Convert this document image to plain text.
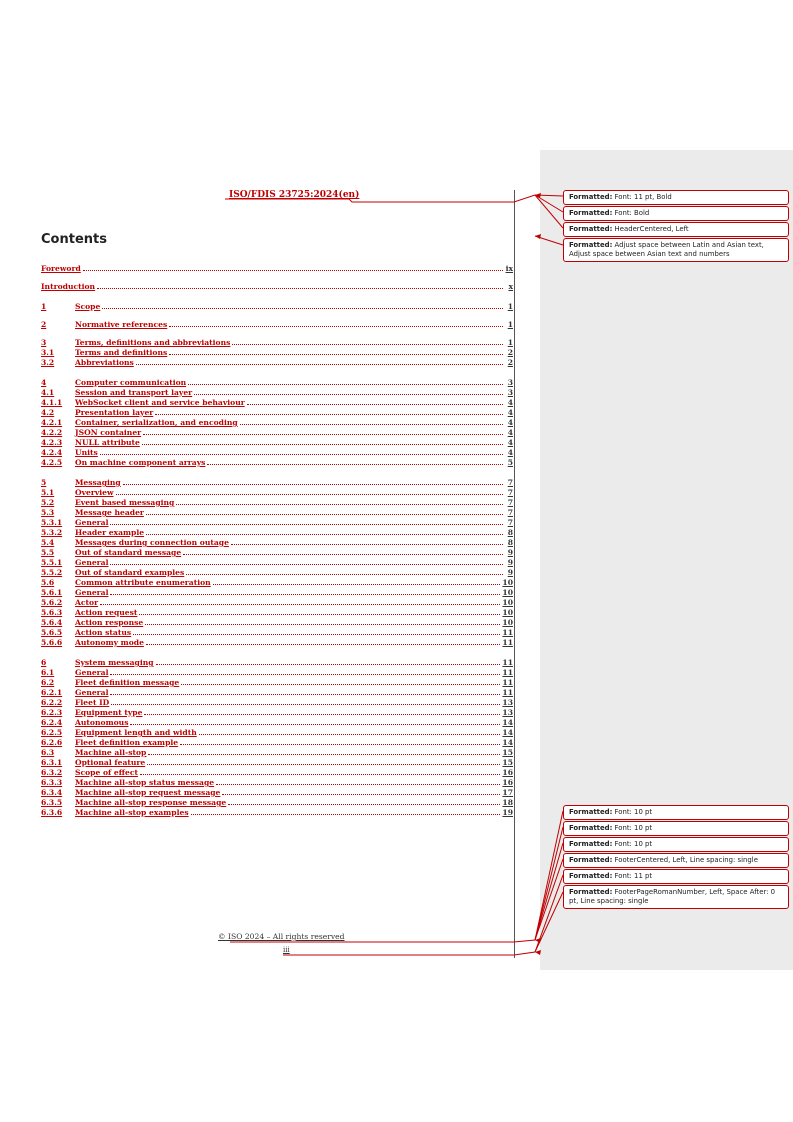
ISO/FDIS 23725:2024(en)
Contents
Foreword	ix
Introduction	x
1	Scope	1
2	Normative references	1
3	Terms, definitions and abbreviations	1
3.1	Terms and definitions	2
3.2	Abbreviations	2
4	Computer communication	3
4.1	Session and transport layer	3
4.1.1	WebSocket client and service behaviour	4
4.2	Presentation layer	4
4.2.1	Container, serialization, and encoding	4
4.2.2	JSON container	4
4.2.3	NULL attribute	4
4.2.4	Units	4
4.2.5	On machine component arrays	5
5	Messaging	7
5.1	Overview	7
5.2	Event based messaging	7
5.3	Message header	7
5.3.1	General	7
5.3.2	Header example	8
5.4	Messages during connection outage	8
5.5	Out of standard message	9
5.5.1	General	9
5.5.2	Out of standard examples	9
5.6	Common attribute enumeration	10
5.6.1	General	10
5.6.2	Actor	10
5.6.3	Action request	10
5.6.4	Action response	10
5.6.5	Action status	11
5.6.6	Autonomy mode	11
6	System messaging	11
6.1	General	11
6.2	Fleet definition message	11
6.2.1	General	11
6.2.2	Fleet ID	13
6.2.3	Equipment type	13
6.2.4	Autonomous	14
6.2.5	Equipment length and width	14
6.2.6	Fleet definition example	14
6.3	Machine all-stop	15
6.3.1	Optional feature	15
6.3.2	Scope of effect	16
6.3.3	Machine all-stop status message	16
6.3.4	Machine all-stop request message	17
6.3.5	Machine all-stop response message	18
6.3.6	Machine all-stop examples	19
© ISO 2024 – All rights reserved
iii
Formatted: Font: 11 pt, Bold
Formatted: Font: Bold
Formatted: HeaderCentered, Left
Formatted: Adjust space between Latin and Asian text, Adjust space between Asian text and numbers
Formatted: Font: 10 pt
Formatted: Font: 10 pt
Formatted: Font: 10 pt
Formatted: FooterCentered, Left, Line spacing: single
Formatted: Font: 11 pt
Formatted: FooterPageRomanNumber, Left, Space After: 0 pt, Line spacing: single
